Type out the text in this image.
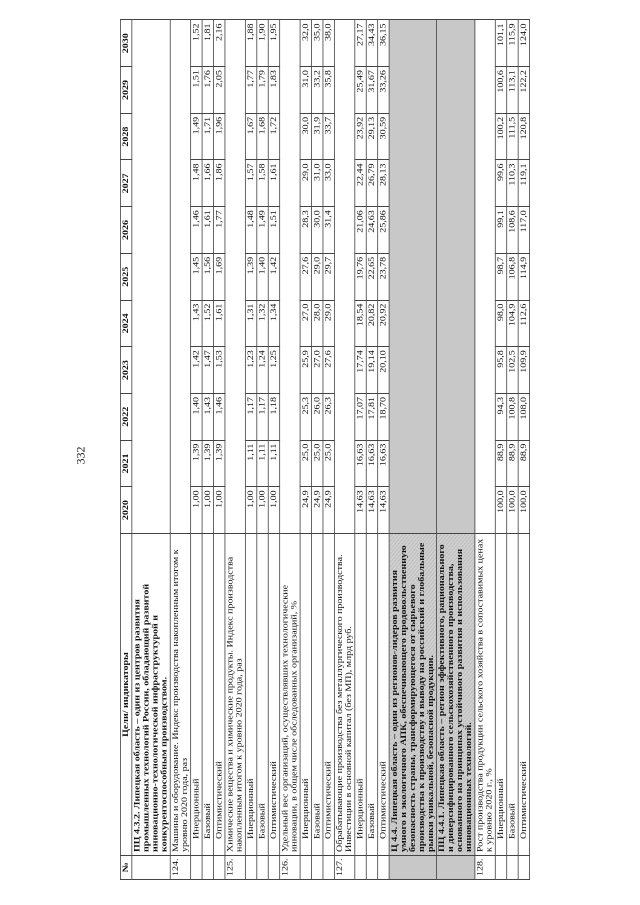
332
№	Цели/ индикаторы	2020	2021	2022	2023	2024	2025	2026	2027	2028	2029	2030
	ПЦ 4.3.2. Липецкая область – один из центров развития промышленных технологий России, обладающий развитой инновационно-технологической инфраструктурой и конкурентоспособным производством.											
124.	Машины и оборудование. Индекс производства накопленным итогом к уровню 2020 года, раз											
	Инерционный	1,00	1,39	1,40	1,42	1,43	1,45	1,46	1,48	1,49	1,51	1,52
	Базовый	1,00	1,39	1,43	1,47	1,52	1,56	1,61	1,66	1,71	1,76	1,81
	Оптимистический	1,00	1,39	1,46	1,53	1,61	1,69	1,77	1,86	1,96	2,05	2,16
125.	Химические вещества и химические продукты. Индекс производства накопленным итогом к уровню 2020 года, раз											
	Инерционный	1,00	1,11	1,17	1,23	1,31	1,39	1,48	1,57	1,67	1,77	1,88
	Базовый	1,00	1,11	1,17	1,24	1,32	1,40	1,49	1,58	1,68	1,79	1,90
	Оптимистический	1,00	1,11	1,18	1,25	1,34	1,42	1,51	1,61	1,72	1,83	1,95
126.	Удельный вес организаций, осуществлявших технологические инновации, в общем числе обследованных организаций, %											
	Инерционный	24,9	25,0	25,3	25,9	27,0	27,6	28,3	29,0	30,0	31,0	32,0
	Базовый	24,9	25,0	26,0	27,0	28,0	29,0	30,0	31,0	31,9	33,2	35,0
	Оптимистический	24,9	25,0	26,3	27,6	29,0	29,7	31,4	33,0	33,7	35,8	38,0
127.	Обрабатывающие производства без металлургического производства. Инвестиции в основной капитал (без МП), млрд руб.											
	Инерционный	14,63	16,63	17,07	17,74	18,54	19,76	21,06	22,44	23,92	25,49	27,17
	Базовый	14,63	16,63	17,81	19,14	20,82	22,65	24,63	26,79	29,13	31,67	34,43
	Оптимистический	14,63	16,63	18,70	20,10	20,92	23,78	25,86	28,13	30,59	33,26	36,15
	Ц 4.4. Липецкая область – один из регионов-лидеров развития умного и экологичного АПК, обеспечивающего продовольственную безопасность страны, трансформирующегося от сырьевого производства к производству и выводу на российский и глобальные рынки уникальной, безопасной продукции.											
	ПЦ 4.4.1. Липецкая область – регион эффективного, рационального и диверсифицированного сельскохозяйственного производства, основанного на принципах устойчивого развития и использования инновационных технологий.											
128.	Рост производства продукции сельского хозяйства в сопоставимых ценах к уровню 2020 г., %											
	Инерционный	100,0	88,9	94,3	95,8	98,0	98,7	99,1	99,6	100,2	100,6	101,1
	Базовый	100,0	88,9	100,8	102,5	104,9	106,8	108,6	110,3	111,5	113,1	115,9
	Оптимистический	100,0	88,9	108,0	109,9	112,6	114,9	117,0	119,1	120,8	122,2	124,0
